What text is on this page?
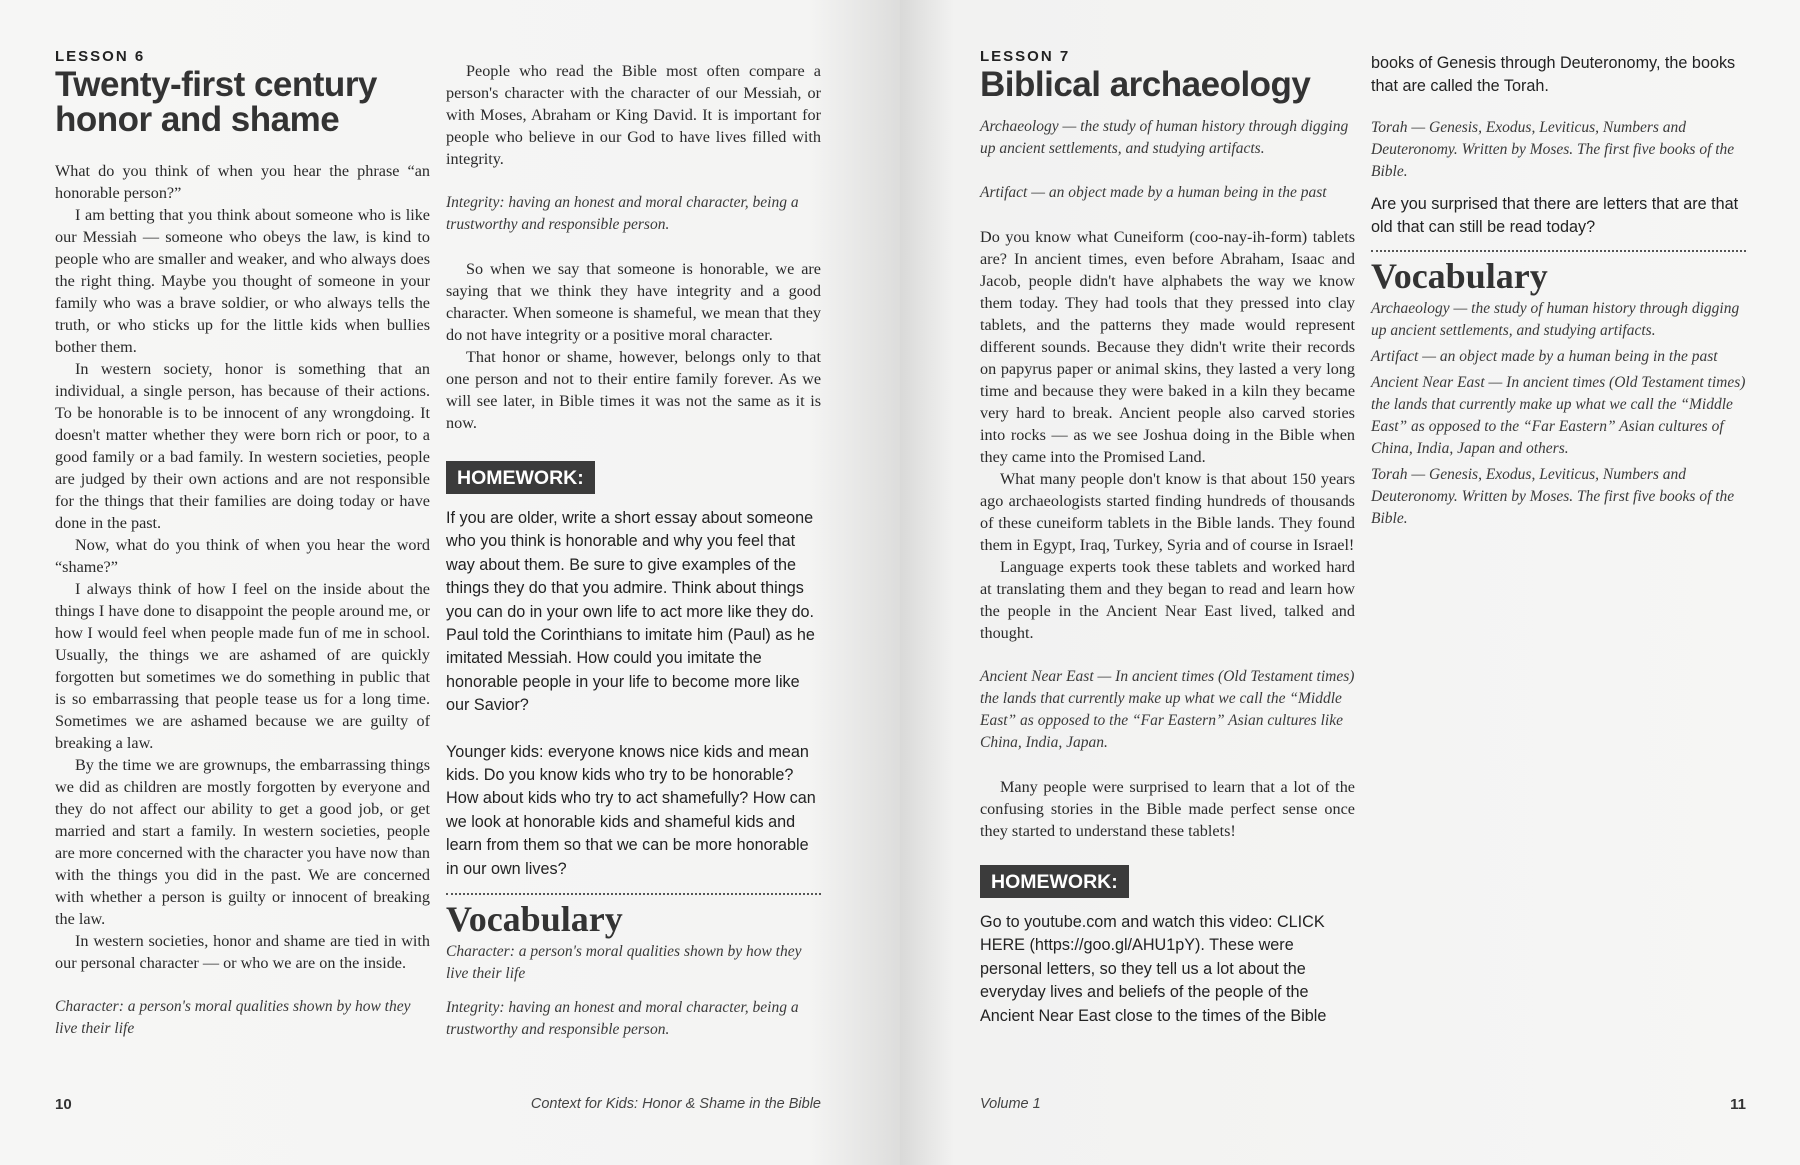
LESSON 6

Twenty-first century
honor and shame

What do you think of when you hear the phrase “an honorable person?”

I am betting that you think about someone who is like our Messiah — someone who obeys the law, is kind to people who are smaller and weaker, and who always does the right thing. Maybe you thought of someone in your family who was a brave soldier, or who always tells the truth, or who sticks up for the little kids when bullies bother them.

In western society, honor is something that an individual, a single person, has because of their actions. To be honorable is to be innocent of any wrongdoing. It doesn't matter whether they were born rich or poor, to a good family or a bad family. In western societies, people are judged by their own actions and are not responsible for the things that their families are doing today or have done in the past.

Now, what do you think of when you hear the word “shame?”

I always think of how I feel on the inside about the things I have done to disappoint the people around me, or how I would feel when people made fun of me in school. Usually, the things we are ashamed of are quickly forgotten but sometimes we do something in public that is so embarrassing that people tease us for a long time. Sometimes we are ashamed because we are guilty of breaking a law.

By the time we are grownups, the embarrassing things we did as children are mostly forgotten by everyone and they do not affect our ability to get a good job, or get married and start a family. In western societies, people are more concerned with the character you have now than with the things you did in the past. We are concerned with whether a person is guilty or innocent of breaking the law.

In western societies, honor and shame are tied in with our personal character — or who we are on the inside.

Character: a person's moral qualities shown by how they live their life

People who read the Bible most often compare a person's character with the character of our Messiah, or with Moses, Abraham or King David. It is important for people who believe in our God to have lives filled with integrity.

Integrity: having an honest and moral character, being a trustworthy and responsible person.

So when we say that someone is honorable, we are saying that we think they have integrity and a good character. When someone is shameful, we mean that they do not have integrity or a positive moral character.

That honor or shame, however, belongs only to that one person and not to their entire family forever. As we will see later, in Bible times it was not the same as it is now.

HOMEWORK:

If you are older, write a short essay about someone who you think is honorable and why you feel that way about them. Be sure to give examples of the things they do that you admire. Think about things you can do in your own life to act more like they do. Paul told the Corinthians to imitate him (Paul) as he imitated Messiah. How could you imitate the honorable people in your life to become more like our Savior?

Younger kids: everyone knows nice kids and mean kids. Do you know kids who try to be honorable? How about kids who try to act shamefully? How can we look at honorable kids and shameful kids and learn from them so that we can be more honorable in our own lives?

Vocabulary

Character: a person's moral qualities shown by how they live their life

Integrity: having an honest and moral character, being a trustworthy and responsible person.

10	Context for Kids: Honor & Shame in the Bible

LESSON 7

Biblical archaeology

Archaeology — the study of human history through digging up ancient settlements, and studying artifacts.

Artifact — an object made by a human being in the past

Do you know what Cuneiform (coo-nay-ih-form) tablets are? In ancient times, even before Abraham, Isaac and Jacob, people didn't have alphabets the way we know them today. They had tools that they pressed into clay tablets, and the patterns they made would represent different sounds. Because they didn't write their records on papyrus paper or animal skins, they lasted a very long time and because they were baked in a kiln they became very hard to break. Ancient people also carved stories into rocks — as we see Joshua doing in the Bible when they came into the Promised Land.

What many people don't know is that about 150 years ago archaeologists started finding hundreds of thousands of these cuneiform tablets in the Bible lands. They found them in Egypt, Iraq, Turkey, Syria and of course in Israel!

Language experts took these tablets and worked hard at translating them and they began to read and learn how the people in the Ancient Near East lived, talked and thought.

Ancient Near East — In ancient times (Old Testament times) the lands that currently make up what we call the “Middle East” as opposed to the “Far Eastern” Asian cultures like China, India, Japan.

Many people were surprised to learn that a lot of the confusing stories in the Bible made perfect sense once they started to understand these tablets!

HOMEWORK:

Go to youtube.com and watch this video: CLICK HERE (https://goo.gl/AHU1pY). These were personal letters, so they tell us a lot about the everyday lives and beliefs of the people of the Ancient Near East close to the times of the Bible

books of Genesis through Deuteronomy, the books that are called the Torah.

Torah — Genesis, Exodus, Leviticus, Numbers and Deuteronomy. Written by Moses. The first five books of the Bible.

Are you surprised that there are letters that are that old that can still be read today?

Vocabulary

Archaeology — the study of human history through digging up ancient settlements, and studying artifacts.

Artifact — an object made by a human being in the past

Ancient Near East — In ancient times (Old Testament times) the lands that currently make up what we call the “Middle East” as opposed to the “Far Eastern” Asian cultures of China, India, Japan and others.

Torah — Genesis, Exodus, Leviticus, Numbers and Deuteronomy. Written by Moses. The first five books of the Bible.

Volume 1	11
